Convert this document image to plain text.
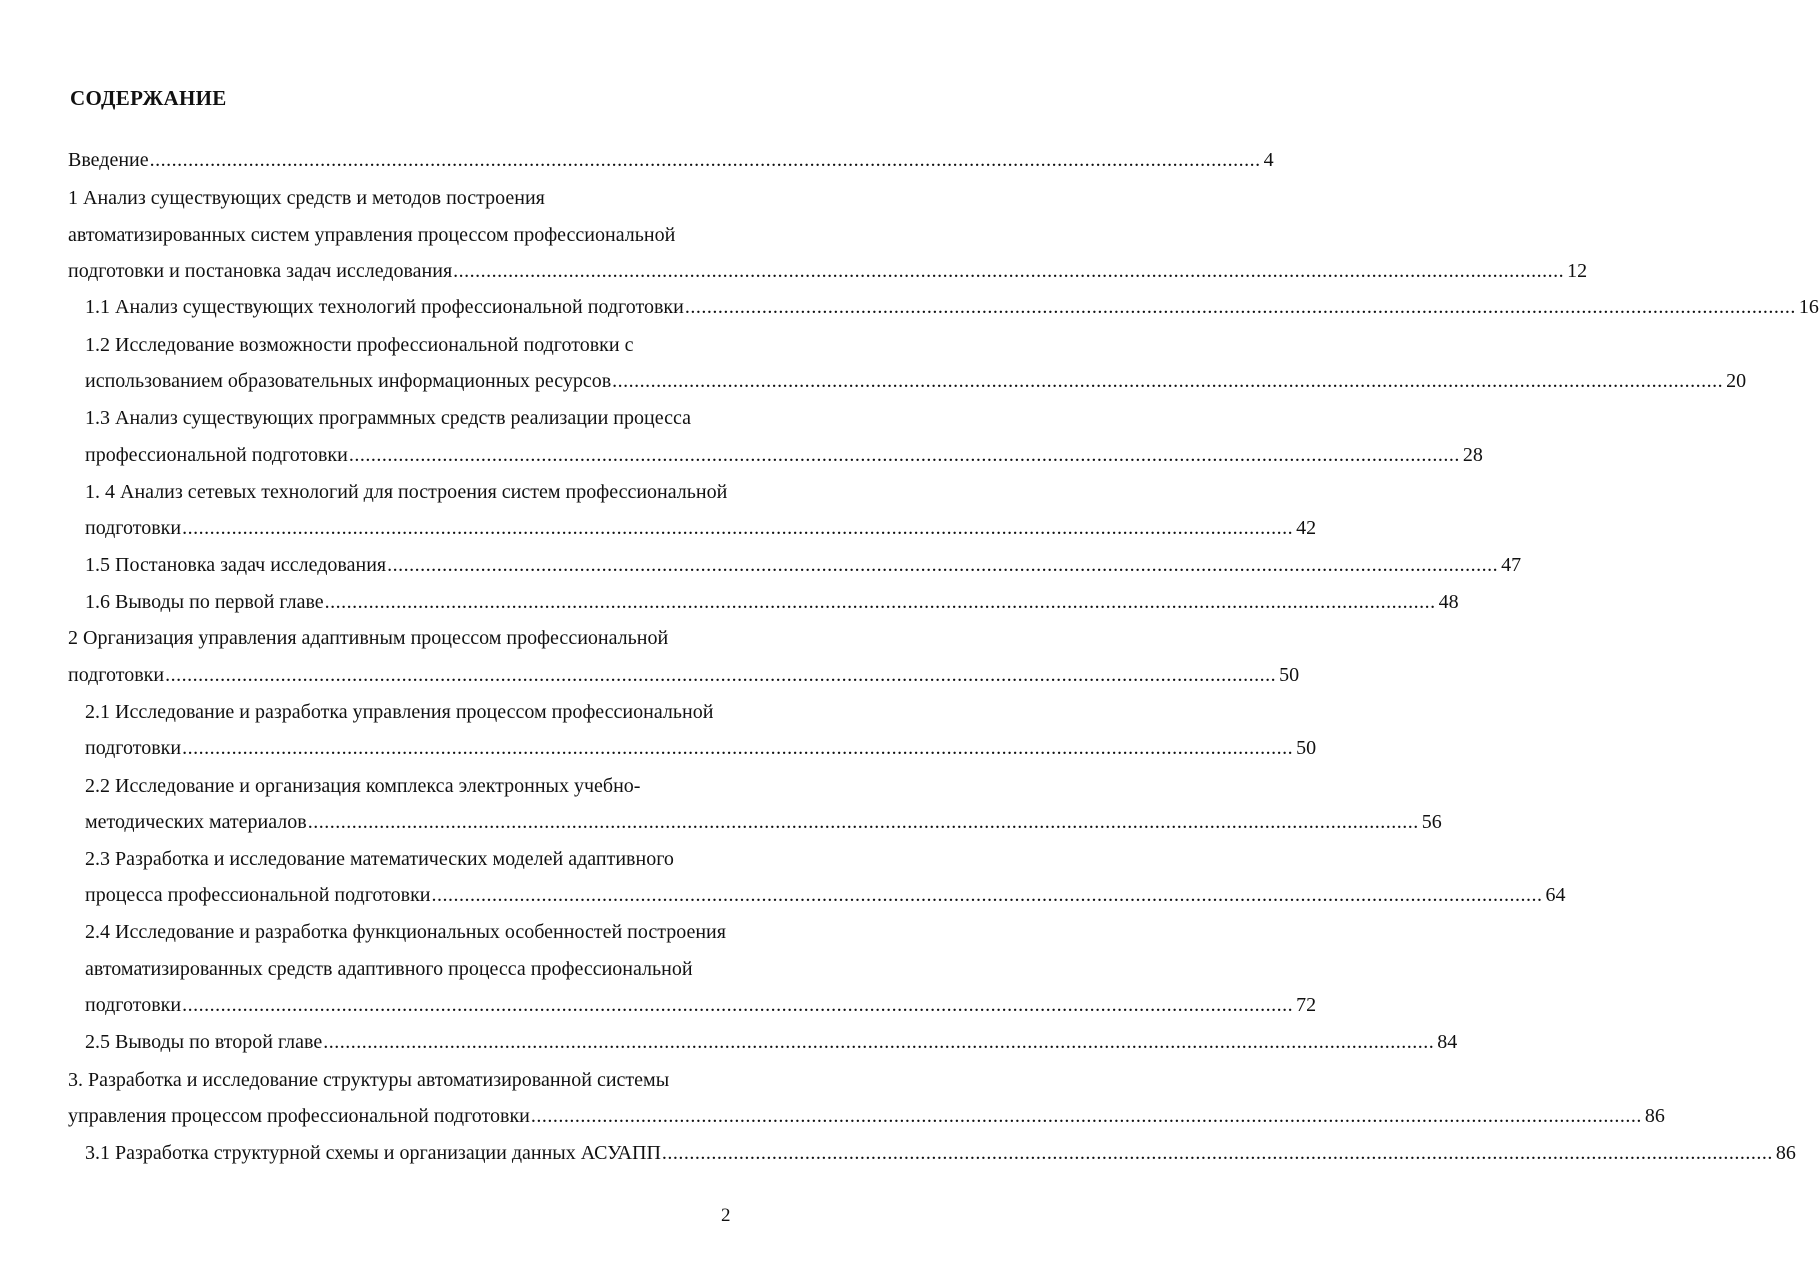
СОДЕРЖАНИЕ
Введение .......................................................................................................................................................................................................... 4
1 Анализ существующих средств и методов построения
автоматизированных систем управления процессом профессиональной
подготовки и постановка задач исследования .......................................................................................................................................................................................................... 12
1.1 Анализ существующих технологий профессиональной подготовки .......................................................................................................................................................................................................... 16
1.2 Исследование возможности профессиональной подготовки с
использованием образовательных информационных ресурсов .......................................................................................................................................................................................................... 20
1.3 Анализ существующих программных средств реализации процесса
профессиональной подготовки .......................................................................................................................................................................................................... 28
1. 4 Анализ сетевых технологий для построения систем профессиональной
подготовки .......................................................................................................................................................................................................... 42
1.5 Постановка задач исследования .......................................................................................................................................................................................................... 47
1.6 Выводы по первой главе .......................................................................................................................................................................................................... 48
2 Организация управления адаптивным процессом профессиональной
подготовки .......................................................................................................................................................................................................... 50
2.1 Исследование и разработка управления процессом профессиональной
подготовки .......................................................................................................................................................................................................... 50
2.2 Исследование и организация комплекса электронных учебно-
методических материалов .......................................................................................................................................................................................................... 56
2.3 Разработка и исследование математических моделей адаптивного
процесса профессиональной подготовки .......................................................................................................................................................................................................... 64
2.4 Исследование и разработка функциональных особенностей построения
автоматизированных средств адаптивного процесса профессиональной
подготовки .......................................................................................................................................................................................................... 72
2.5 Выводы по второй главе .......................................................................................................................................................................................................... 84
3. Разработка и исследование структуры автоматизированной системы
управления процессом профессиональной подготовки .......................................................................................................................................................................................................... 86
3.1 Разработка структурной схемы и организации данных АСУАПП .......................................................................................................................................................................................................... 86
2
